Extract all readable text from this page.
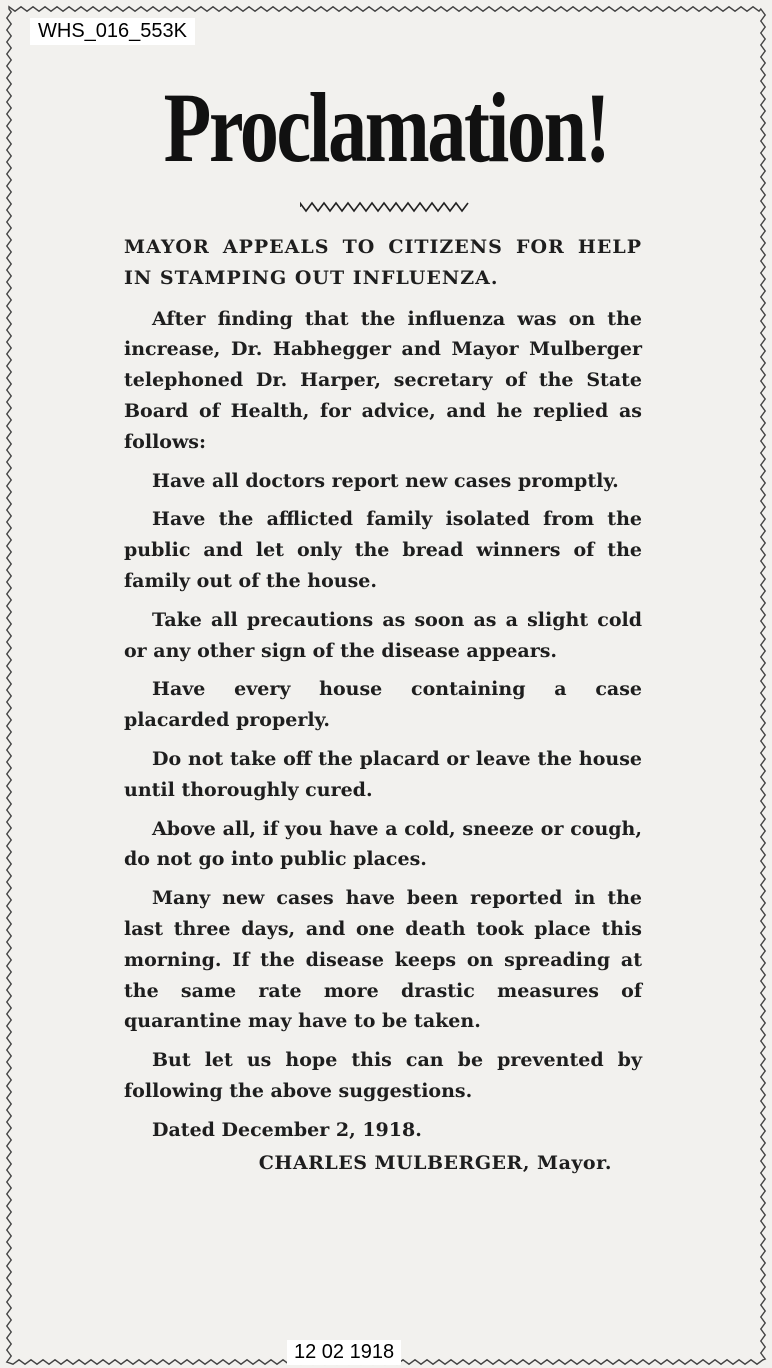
WHS_016_553K
Proclamation!

MAYOR APPEALS TO CITIZENS FOR HELP IN STAMPING OUT INFLUENZA.

After finding that the influenza was on the increase, Dr. Habhegger and Mayor Mulberger telephoned Dr. Harper, secretary of the State Board of Health, for advice, and he replied as follows:

Have all doctors report new cases promptly.

Have the afflicted family isolated from the public and let only the bread winners of the family out of the house.

Take all precautions as soon as a slight cold or any other sign of the disease appears.

Have every house containing a case placarded properly.

Do not take off the placard or leave the house until thoroughly cured.

Above all, if you have a cold, sneeze or cough, do not go into public places.

Many new cases have been reported in the last three days, and one death took place this morning. If the disease keeps on spreading at the same rate more drastic measures of quarantine may have to be taken.

But let us hope this can be prevented by following the above suggestions.

Dated December 2, 1918.

CHARLES MULBERGER, Mayor.

12 02 1918
